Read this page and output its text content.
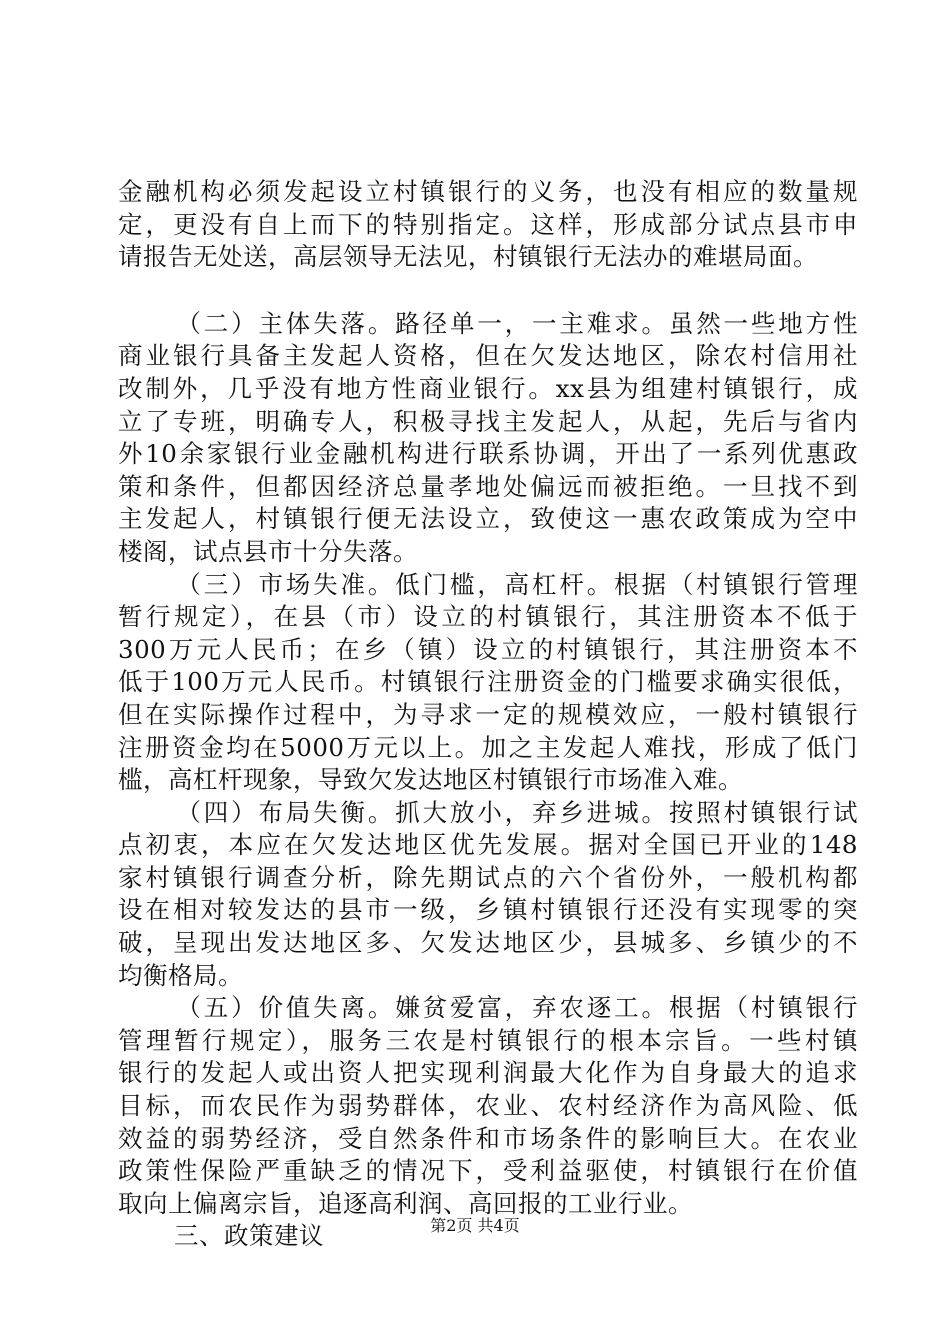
金融机构必须发起设立村镇银行的义务，也没有相应的数量规
定，更没有自上而下的特别指定。这样，形成部分试点县市申
请报告无处送，高层领导无法见，村镇银行无法办的难堪局面。
（二）主体失落。路径单一，一主难求。虽然一些地方性
商业银行具备主发起人资格，但在欠发达地区，除农村信用社
改制外，几乎没有地方性商业银行。xx县为组建村镇银行，成
立了专班，明确专人，积极寻找主发起人，从起，先后与省内
外10余家银行业金融机构进行联系协调，开出了一系列优惠政
策和条件，但都因经济总量孝地处偏远而被拒绝。一旦找不到
主发起人，村镇银行便无法设立，致使这一惠农政策成为空中
楼阁，试点县市十分失落。
（三）市场失准。低门槛，高杠杆。根据（村镇银行管理
暂行规定），在县（市）设立的村镇银行，其注册资本不低于
300万元人民币；在乡（镇）设立的村镇银行，其注册资本不
低于100万元人民币。村镇银行注册资金的门槛要求确实很低，
但在实际操作过程中，为寻求一定的规模效应，一般村镇银行
注册资金均在5000万元以上。加之主发起人难找，形成了低门
槛，高杠杆现象，导致欠发达地区村镇银行市场准入难。
（四）布局失衡。抓大放小，弃乡进城。按照村镇银行试
点初衷，本应在欠发达地区优先发展。据对全国已开业的148
家村镇银行调查分析，除先期试点的六个省份外，一般机构都
设在相对较发达的县市一级，乡镇村镇银行还没有实现零的突
破，呈现出发达地区多、欠发达地区少，县城多、乡镇少的不
均衡格局。
（五）价值失离。嫌贫爱富，弃农逐工。根据（村镇银行
管理暂行规定），服务三农是村镇银行的根本宗旨。一些村镇
银行的发起人或出资人把实现利润最大化作为自身最大的追求
目标，而农民作为弱势群体，农业、农村经济作为高风险、低
效益的弱势经济，受自然条件和市场条件的影响巨大。在农业
政策性保险严重缺乏的情况下，受利益驱使，村镇银行在价值
取向上偏离宗旨，追逐高利润、高回报的工业行业。
三、政策建议	第2页 共4页
